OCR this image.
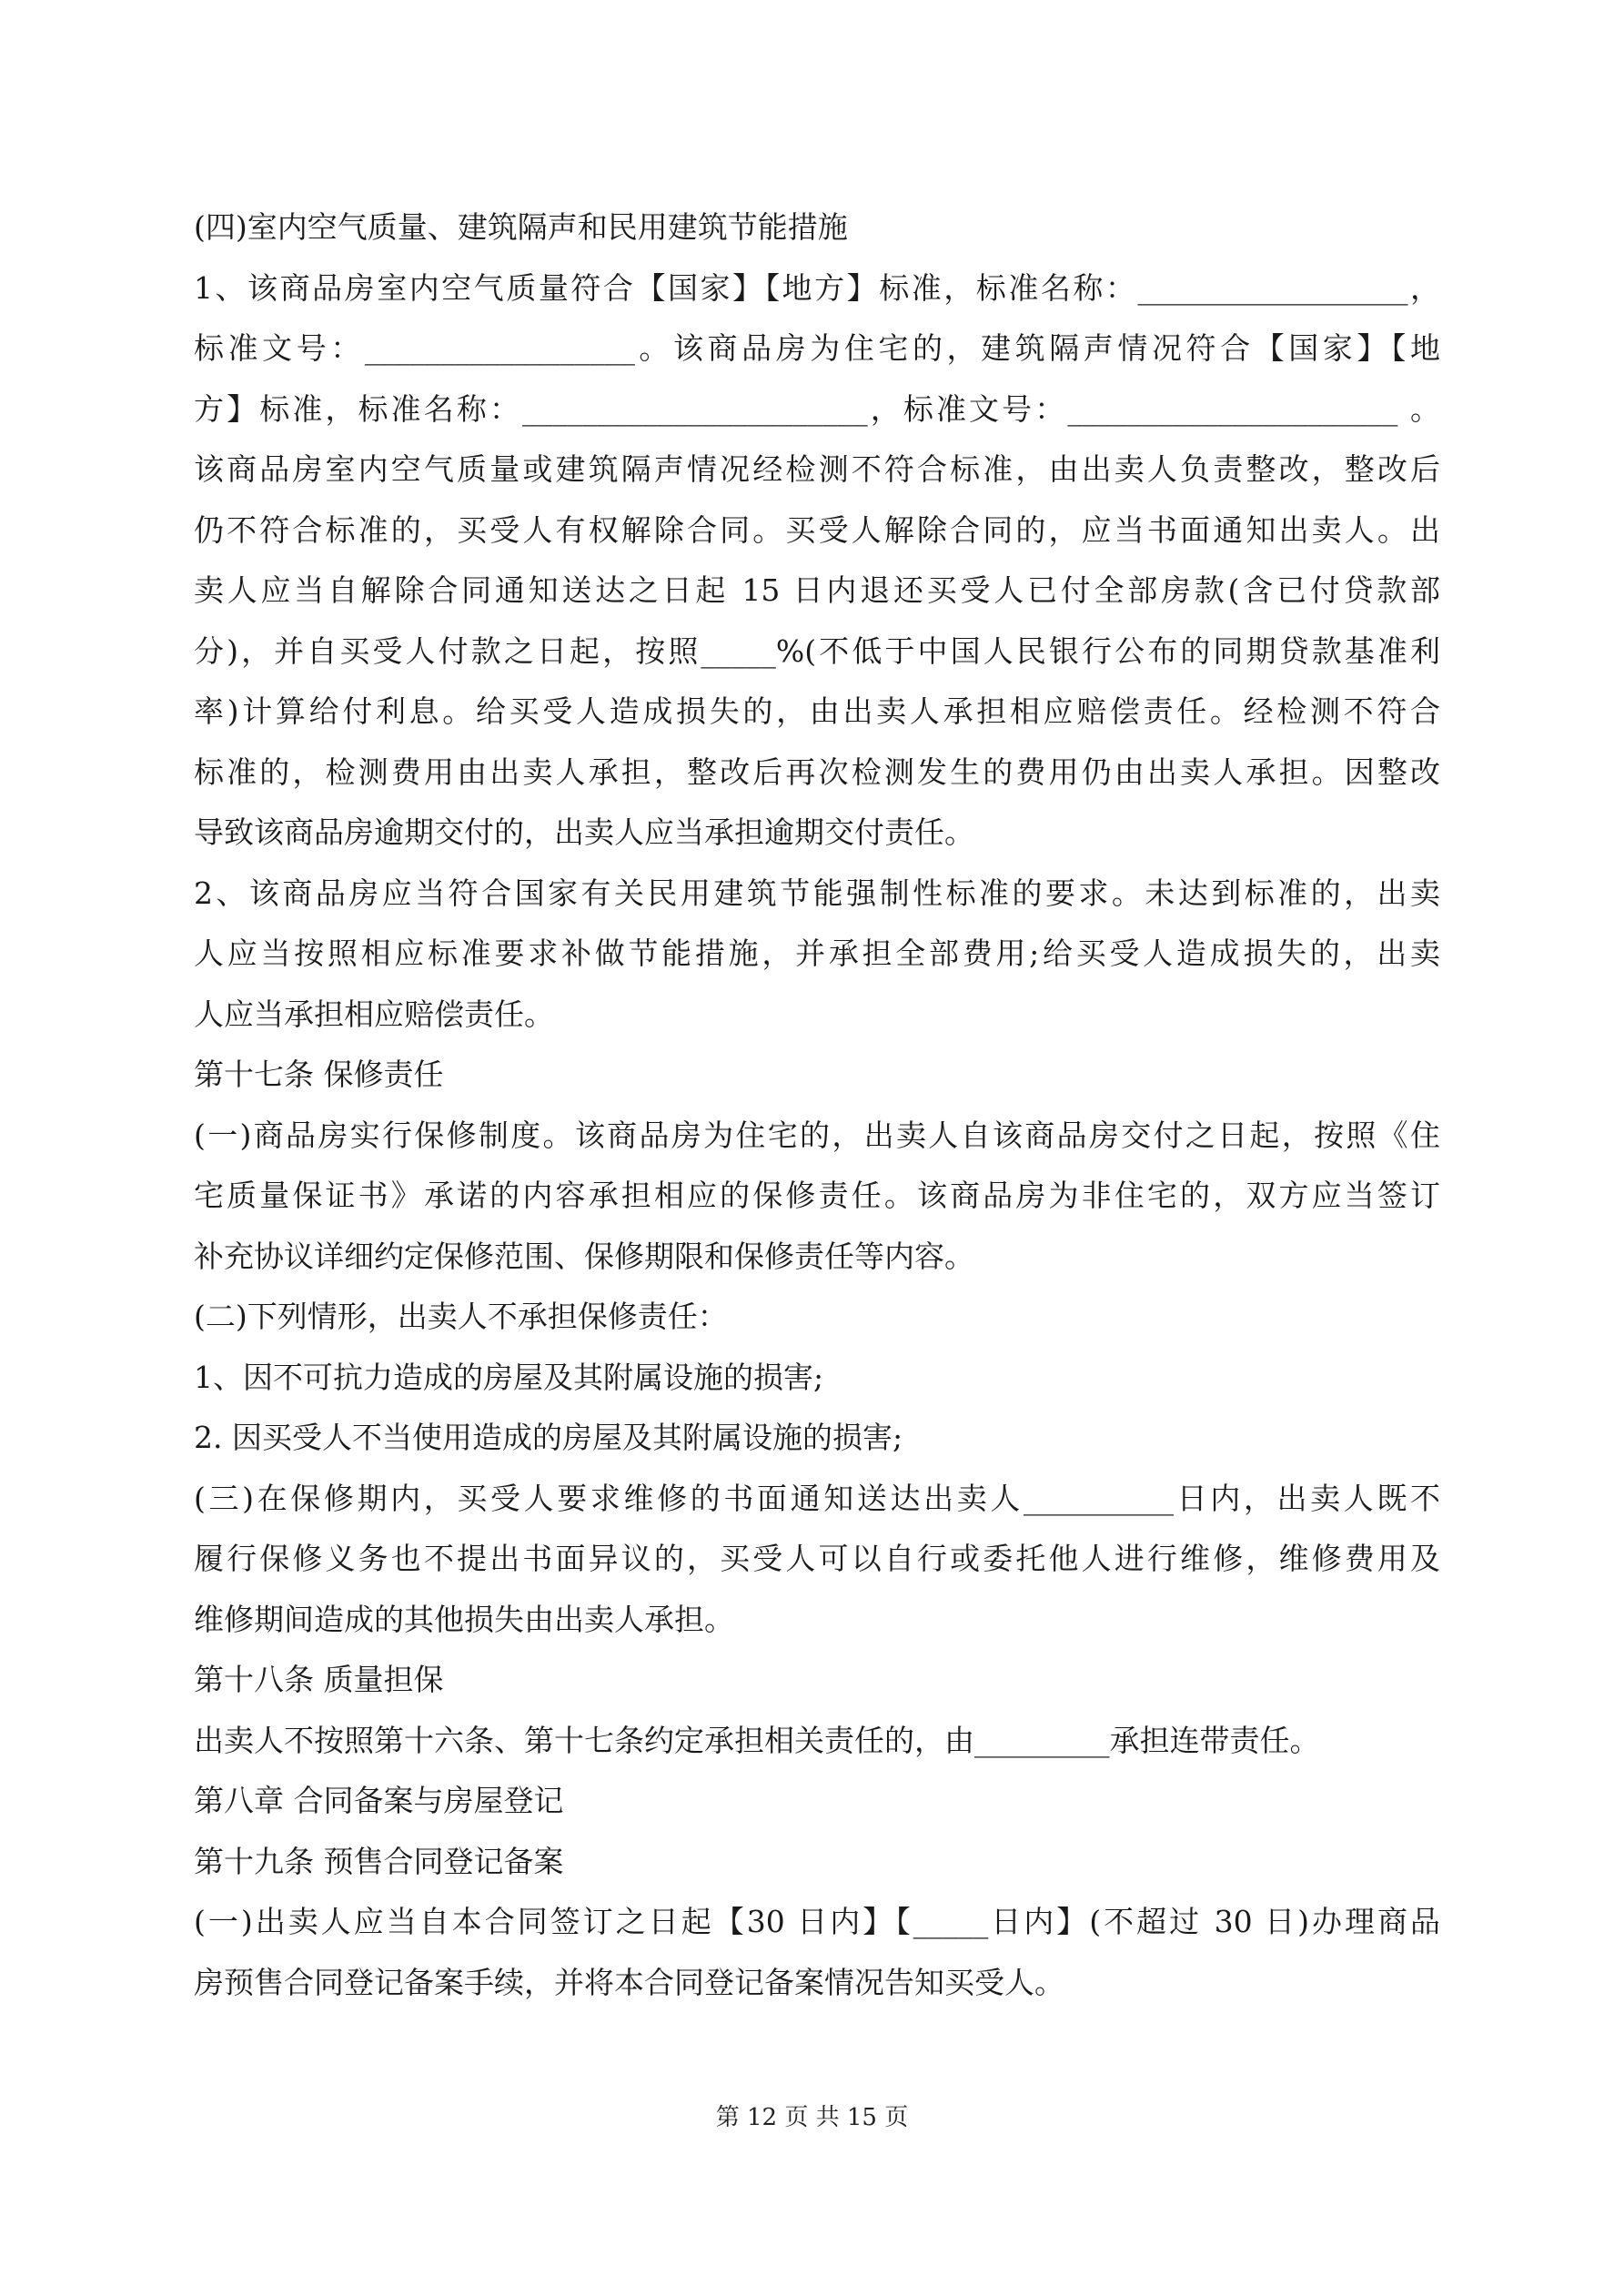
(四)室内空气质量、建筑隔声和民用建筑节能措施
1、该商品房室内空气质量符合【国家】【地方】标准，标准名称：__________________，
标准文号：__________________。该商品房为住宅的，建筑隔声情况符合【国家】【地
方】标准，标准名称：_______________________，标准文号：______________________ 。
该商品房室内空气质量或建筑隔声情况经检测不符合标准，由出卖人负责整改，整改后
仍不符合标准的，买受人有权解除合同。买受人解除合同的，应当书面通知出卖人。出
卖人应当自解除合同通知送达之日起 15 日内退还买受人已付全部房款(含已付贷款部
分)，并自买受人付款之日起，按照_____%(不低于中国人民银行公布的同期贷款基准利
率)计算给付利息。给买受人造成损失的，由出卖人承担相应赔偿责任。经检测不符合
标准的，检测费用由出卖人承担，整改后再次检测发生的费用仍由出卖人承担。因整改
导致该商品房逾期交付的，出卖人应当承担逾期交付责任。
2、该商品房应当符合国家有关民用建筑节能强制性标准的要求。未达到标准的，出卖
人应当按照相应标准要求补做节能措施，并承担全部费用;给买受人造成损失的，出卖
人应当承担相应赔偿责任。
第十七条 保修责任
(一)商品房实行保修制度。该商品房为住宅的，出卖人自该商品房交付之日起，按照《住
宅质量保证书》承诺的内容承担相应的保修责任。该商品房为非住宅的，双方应当签订
补充协议详细约定保修范围、保修期限和保修责任等内容。
(二)下列情形，出卖人不承担保修责任：
1、因不可抗力造成的房屋及其附属设施的损害;
2. 因买受人不当使用造成的房屋及其附属设施的损害;
(三)在保修期内，买受人要求维修的书面通知送达出卖人__________日内，出卖人既不
履行保修义务也不提出书面异议的，买受人可以自行或委托他人进行维修，维修费用及
维修期间造成的其他损失由出卖人承担。
第十八条 质量担保
出卖人不按照第十六条、第十七条约定承担相关责任的，由_________承担连带责任。
第八章 合同备案与房屋登记
第十九条 预售合同登记备案
(一)出卖人应当自本合同签订之日起【30 日内】【_____日内】(不超过 30 日)办理商品
房预售合同登记备案手续，并将本合同登记备案情况告知买受人。
第 12 页 共 15 页
